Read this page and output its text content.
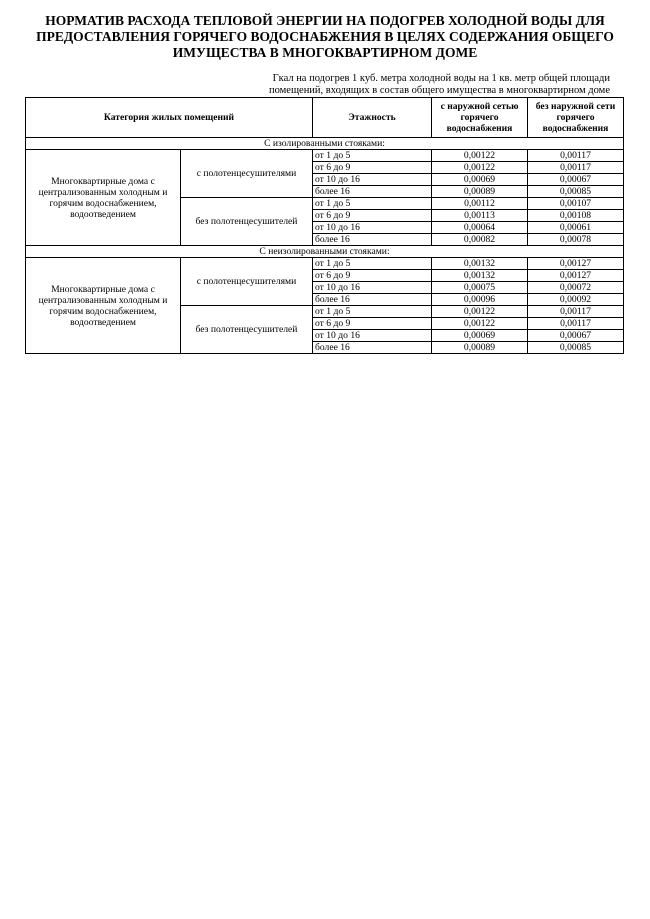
НОРМАТИВ РАСХОДА ТЕПЛОВОЙ ЭНЕРГИИ НА ПОДОГРЕВ ХОЛОДНОЙ ВОДЫ ДЛЯ
ПРЕДОСТАВЛЕНИЯ ГОРЯЧЕГО ВОДОСНАБЖЕНИЯ В ЦЕЛЯХ СОДЕРЖАНИЯ ОБЩЕГО
ИМУЩЕСТВА В МНОГОКВАРТИРНОМ ДОМЕ
Гкал на подогрев 1 куб. метра холодной воды на 1 кв. метр общей площади
помещений, входящих в состав общего имущества в многоквартирном доме
Категория жилых помещений		Этажность	с наружной сетью горячего водоснабжения	без наружной сети горячего водоснабжения
С изолированными стояками:				
Многоквартирные дома с централизованным холодным и горячим водоснабжением, водоотведением	с полотенцесушителями	от 1 до 5	0,00122	0,00117
		от 6 до 9	0,00122	0,00117
		от 10 до 16	0,00069	0,00067
		более 16	0,00089	0,00085
	без полотенцесушителей	от 1 до 5	0,00112	0,00107
		от 6 до 9	0,00113	0,00108
		от 10 до 16	0,00064	0,00061
		более 16	0,00082	0,00078
С неизолированными стояками:				
Многоквартирные дома с централизованным холодным и горячим водоснабжением, водоотведением	с полотенцесушителями	от 1 до 5	0,00132	0,00127
		от 6 до 9	0,00132	0,00127
		от 10 до 16	0,00075	0,00072
		более 16	0,00096	0,00092
	без полотенцесушителей	от 1 до 5	0,00122	0,00117
		от 6 до 9	0,00122	0,00117
		от 10 до 16	0,00069	0,00067
		более 16	0,00089	0,00085
